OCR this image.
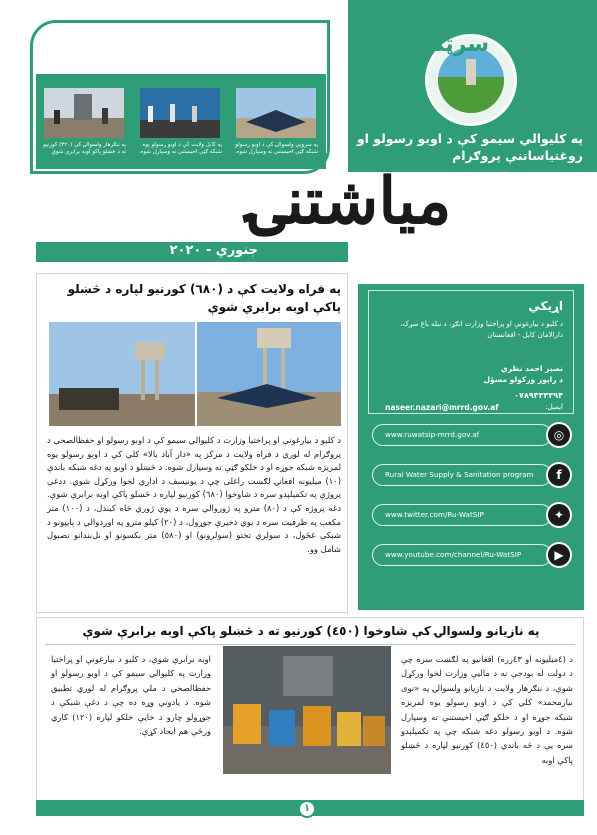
په کليوالي سيمو کې د اوبو رسولو او روغتياساتنې پروګرام
سرټکي
په ننګرهار ولسوالۍ کې (۳۲۰) کورنیو ته د څښلو پاکو اوبه برابري شوې
په کابل ولایت کې د اوبو رسولو یوه شبکه ګټې اخیستنې ته وسپارل شوه.
په سروبي ولسوالۍ کې د اوبو رسولو شبکه ګټې اخیستنې ته وسپارل شوه.
مياشتنۍ
جنوري - ۲۰۲۰
په فراه ولایت کې د (٦٨٠) کورنیو لپاره د څښلو پاکې اوبه برابري شوې
د کليو د بيارغونې او پراختيا وزارت د کليوالي سيمو کې د اوبو رسولو او حفظالصحي د پروګرام له لوري د فراه ولايت د مرکز په «دار آباد بالا» کلي کې د اوبو رسولو يوه لمريزه شبکه جوړه او د خلکو ګټې ته وسپارل شوه. د څښلو د اوبو په دغه شبکه باندې (١٠) ميليونه افغانۍ لګښت راغلی چې د يونيسف د اداري لخوا ورکړل شوي. ددغې پروژې په تکميلېدو سره د شاوخوا (٦٨٠) کورنيو لپاره د څښلو پاکې اوبه برابرې شوې. دغه پروژه کې د (٨٠) مترو په ژوروالي سره د يوي ژوري څاه کيندل، د (١٠٠) متر مکعب په ظرفيت سره د يوي ذخيرې جوړول، د (٢٠) کيلو مترو په اوږدوالي د پايپونو د شبکې غځول، د سولري تختو (سولرونو) او (٥٨٠) متر بکسونو او نل‌بندانو نصبول شامل وو.
اړيکي
د کليو د بيارغونې او پراختيا وزارت انګړ، د نيله باغ سړک، دارالامان کابل - افغانستان
نصير احمد نظري
د راپور ورکولو مسؤل
۰۷۸۹۳۳۳۳۹۴
naseer.nazari@mrrd.gov.af	ایمیل:
www.ruwatsip-mrrd.gov.af	◎
Rural Water Supply & Sanitation program	f
www.twitter.com/Ru-WatSIP	✦
www.youtube.com/channel/Ru-WatSIP	▶
په نازيانو ولسوالۍ کې شاوخوا (٤٥٠) کورنيو ته د څښلو پاکې اوبه برابرې شوې
د (٤ميليونه او ٤٣زره) افغانيو په لګښت سره چې د دولت له بودجې نه د ماليې وزارت لخوا ورکړل شوې، د ننګرهار ولايت د نازيانو ولسوالۍ په «نوی نيازمحمد» کلي کې د اوبو رسولو يوه لمريزه شبکه جوړه او د خلکو ګټې اخيستنې ته وسپارل شوه. د اوبو رسولو دغه شبکه چې په تکميلېدو سره يې د څه باندې (٤٥٠) کورنيو لپاره د څښلو پاکې اوبه
اوبه برابرې شوې، د کليو د بيارغونې او پراختيا وزارت په کليوالي سيمو کې د اوبو رسولو او حفظالصحي د ملي پروګرام له لوري تطبيق شوه. د يادونې وړه ده چې د دغې شبکې د جوړولو چارو د خايې خلکو لپاره (١٢٠) کاري ورځې هم ايجاد کړې.
١
